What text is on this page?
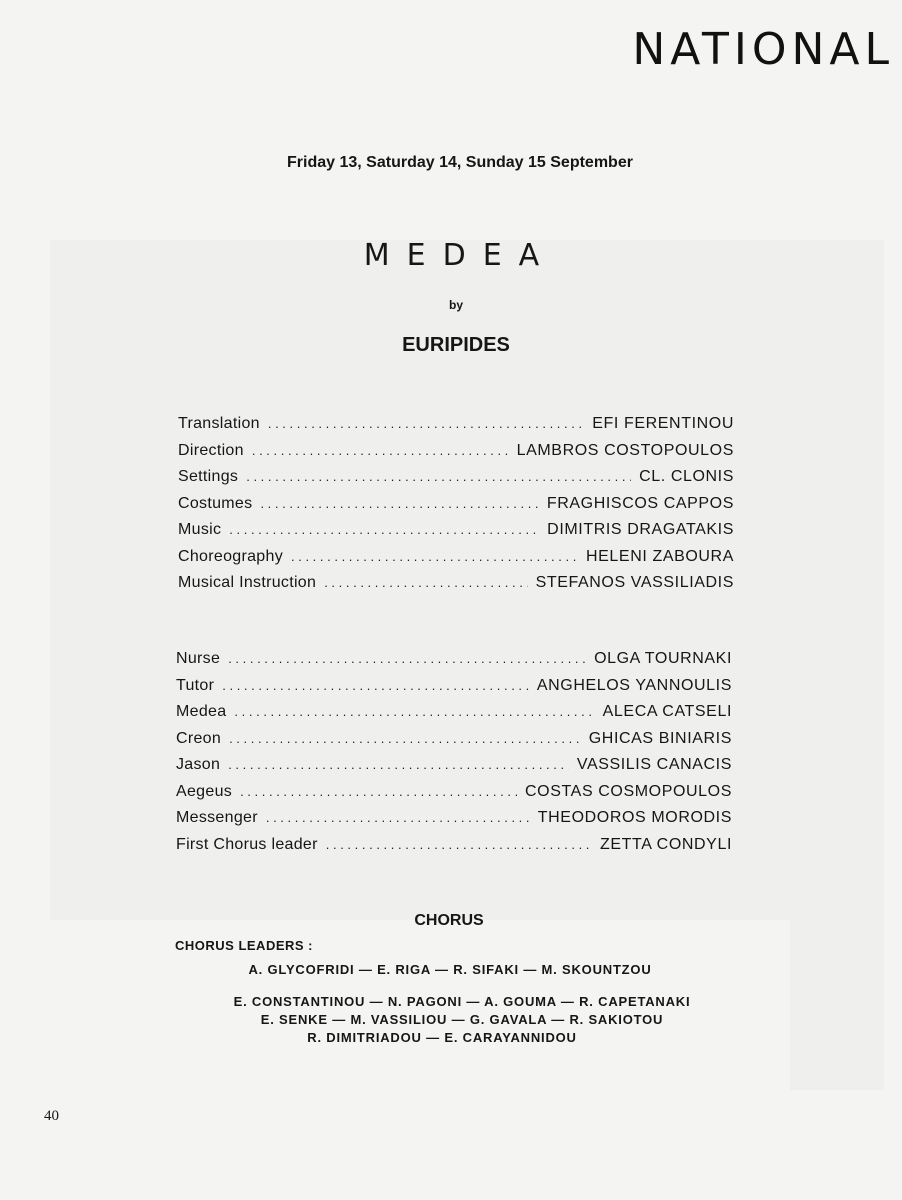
NATIONAL
Friday 13, Saturday 14, Sunday 15 September
MEDEA
by
EURIPIDES
Translation . . .	EFI FERENTINOU
Direction . . .	LAMBROS COSTOPOULOS
Settings . . .	CL. CLONIS
Costumes . . .	FRAGHISCOS CAPPOS
Music . . .	DIMITRIS DRAGATAKIS
Choreography . . .	HELENI ZABOURA
Musical Instruction . . .	STEFANOS VASSILIADIS
Nurse . . .	OLGA TOURNAKI
Tutor . . .	ANGHELOS YANNOULIS
Medea . . .	ALECA CATSELI
Creon . . .	GHICAS BINIARIS
Jason . . .	VASSILIS CANACIS
Aegeus . . .	COSTAS COSMOPOULOS
Messenger . . .	THEODOROS MORODIS
First Chorus leader . . .	ZETTA CONDYLI
CHORUS
CHORUS LEADERS :
A. GLYCOFRIDI — E. RIGA — R. SIFAKI — M. SKOUNTZOU
E. CONSTANTINOU — N. PAGONI — A. GOUMA — R. CAPETANAKI
E. SENKE — M. VASSILIOU — G. GAVALA — R. SAKIOTOU
R. DIMITRIADOU — E. CARAYANNIDOU
40
